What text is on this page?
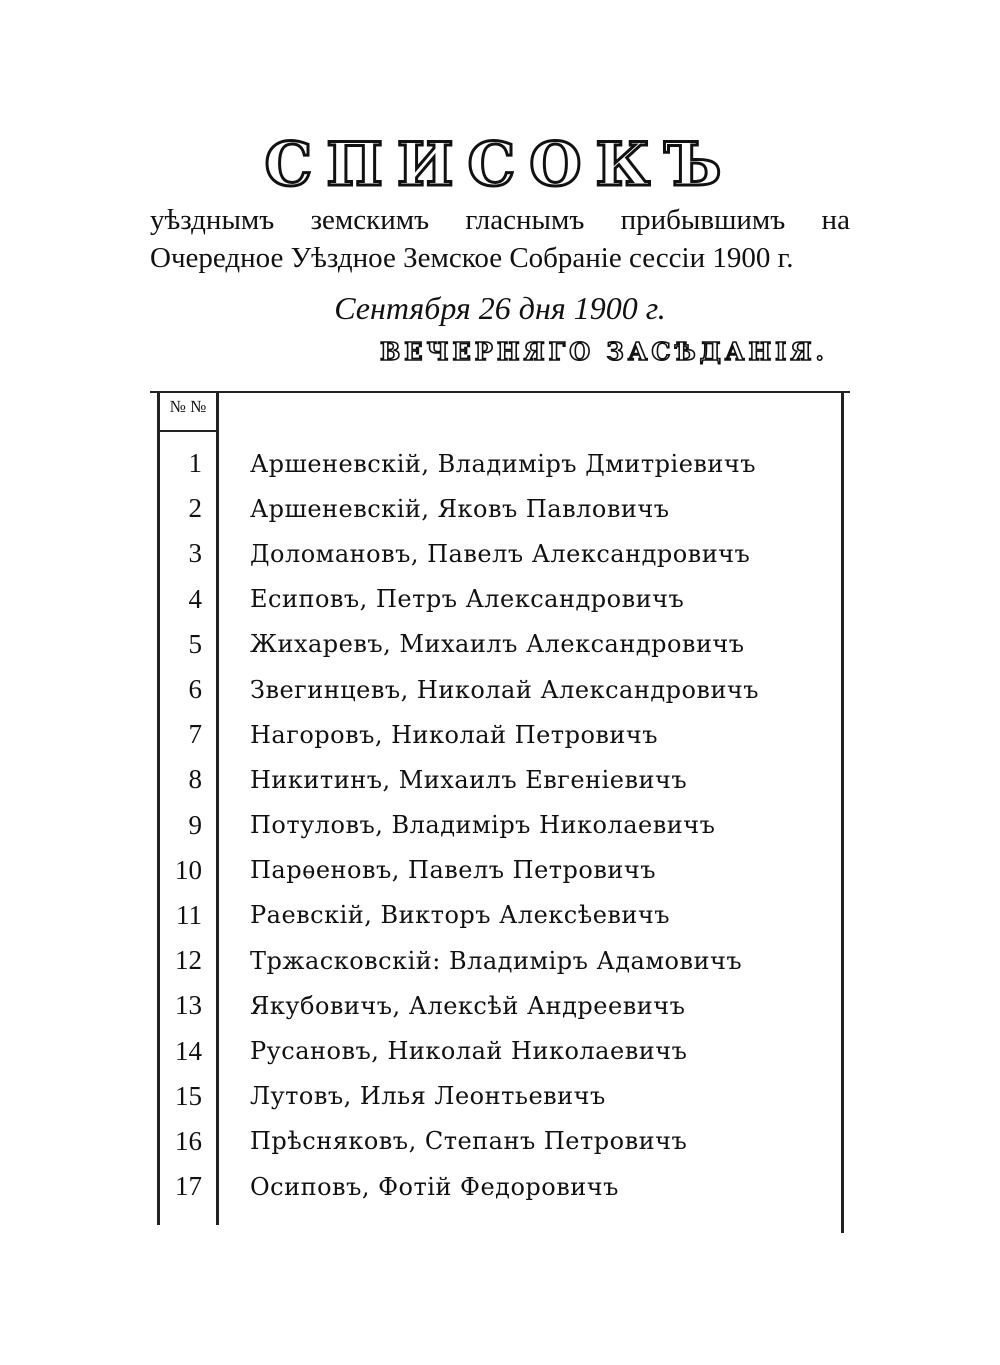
СПИСОКЪ
уѣзднымъ земскимъ гласнымъ прибывшимъ на
Очередное Уѣздное Земское Собраніе сессіи 1900 г.
Сентября 26 дня 1900 г.
ВЕЧЕРНЯГО ЗАСѢДАНІЯ.
№ №
1	Аршеневскій, Владиміръ Дмитріевичъ
2	Аршеневскій, Яковъ Павловичъ
3	Доломановъ, Павелъ Александровичъ
4	Есиповъ, Петръ Александровичъ
5	Жихаревъ, Михаилъ Александровичъ
6	Звегинцевъ, Николай Александровичъ
7	Нагоровъ, Николай Петровичъ
8	Никитинъ, Михаилъ Евгеніевичъ
9	Потуловъ, Владиміръ Николаевичъ
10	Парѳеновъ, Павелъ Петровичъ
11	Раевскій, Викторъ Алексѣевичъ
12	Тржасковскій: Владиміръ Адамовичъ
13	Якубовичъ, Алексѣй Андреевичъ
14	Русановъ, Николай Николаевичъ
15	Лутовъ, Илья Леонтьевичъ
16	Прѣсняковъ, Степанъ Петровичъ
17	Осиповъ, Фотій Федоровичъ
